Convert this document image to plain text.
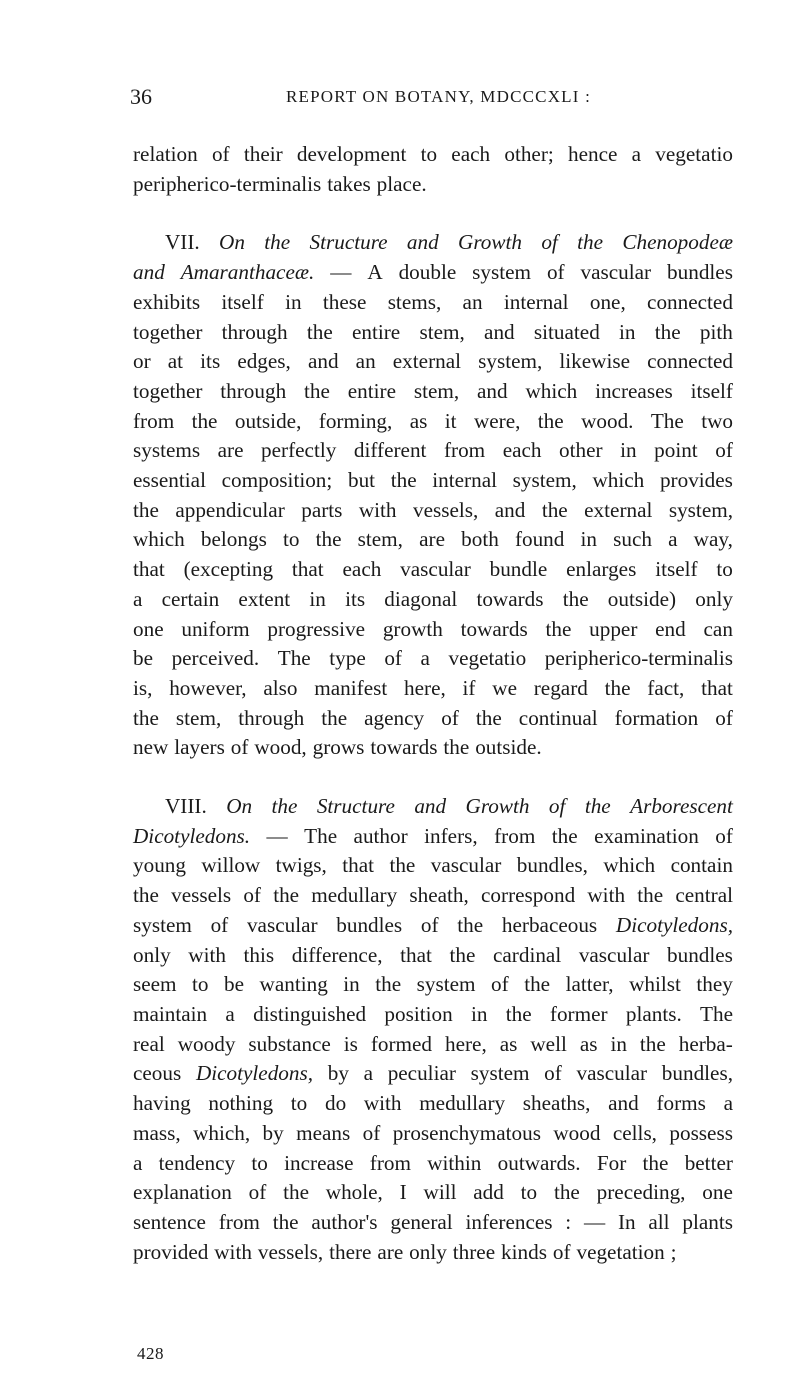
36	REPORT ON BOTANY, MDCCCXLI :
relation of their development to each other; hence a vegetatio
peripherico-terminalis takes place.
VII. On the Structure and Growth of the Chenopodeæ
and Amaranthaceæ. — A double system of vascular bundles
exhibits itself in these stems, an internal one, connected
together through the entire stem, and situated in the pith
or at its edges, and an external system, likewise connected
together through the entire stem, and which increases itself
from the outside, forming, as it were, the wood. The two
systems are perfectly different from each other in point of
essential composition; but the internal system, which provides
the appendicular parts with vessels, and the external system,
which belongs to the stem, are both found in such a way,
that (excepting that each vascular bundle enlarges itself to
a certain extent in its diagonal towards the outside) only
one uniform progressive growth towards the upper end can
be perceived. The type of a vegetatio peripherico-terminalis
is, however, also manifest here, if we regard the fact, that
the stem, through the agency of the continual formation of
new layers of wood, grows towards the outside.
VIII. On the Structure and Growth of the Arborescent
Dicotyledons. — The author infers, from the examination of
young willow twigs, that the vascular bundles, which contain
the vessels of the medullary sheath, correspond with the central
system of vascular bundles of the herbaceous Dicotyledons,
only with this difference, that the cardinal vascular bundles
seem to be wanting in the system of the latter, whilst they
maintain a distinguished position in the former plants. The
real woody substance is formed here, as well as in the herba-
ceous Dicotyledons, by a peculiar system of vascular bundles,
having nothing to do with medullary sheaths, and forms a
mass, which, by means of prosenchymatous wood cells, possess
a tendency to increase from within outwards. For the better
explanation of the whole, I will add to the preceding, one
sentence from the author's general inferences : — In all plants
provided with vessels, there are only three kinds of vegetation ;
428
